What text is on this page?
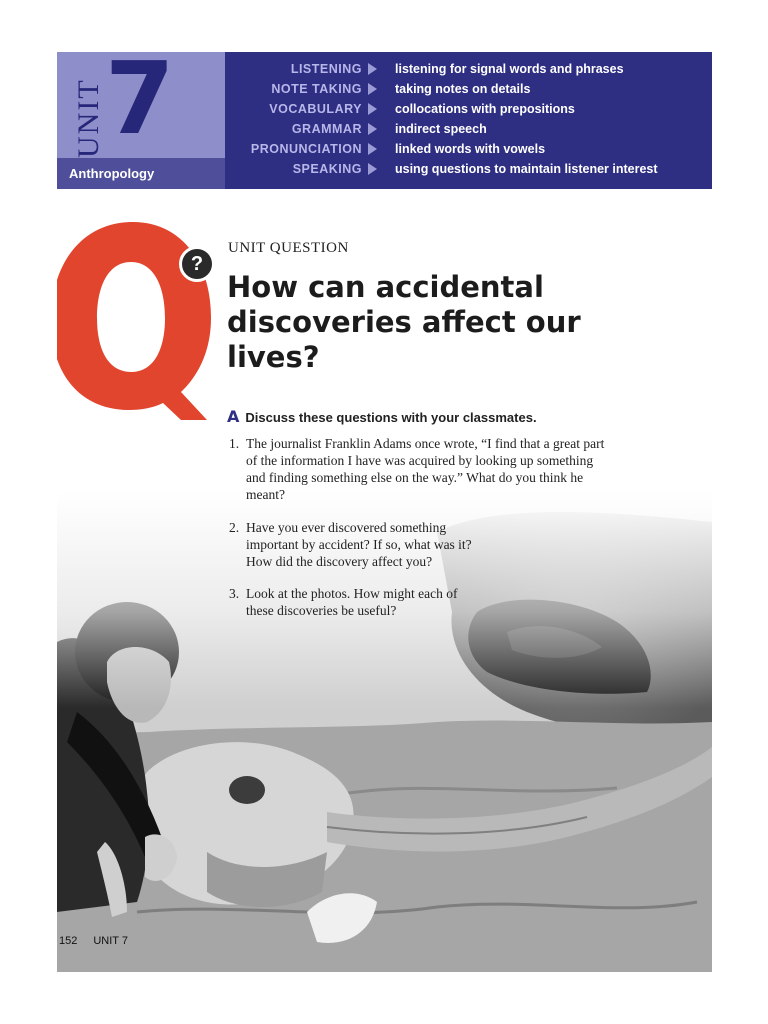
UNIT 7
Anthropology
LISTENING	listening for signal words and phrases
NOTE TAKING	taking notes on details
VOCABULARY	collocations with prepositions
GRAMMAR	indirect speech
PRONUNCIATION	linked words with vowels
SPEAKING	using questions to maintain listener interest
?
UNIT QUESTION
How can accidental discoveries affect our lives?
A Discuss these questions with your classmates.
1. The journalist Franklin Adams once wrote, “I find that a great part of the information I have was acquired by looking up something and finding something else on the way.” What do you think he meant?
2. Have you ever discovered something important by accident? If so, what was it? How did the discovery affect you?
3. Look at the photos. How might each of these discoveries be useful?
152 UNIT 7
